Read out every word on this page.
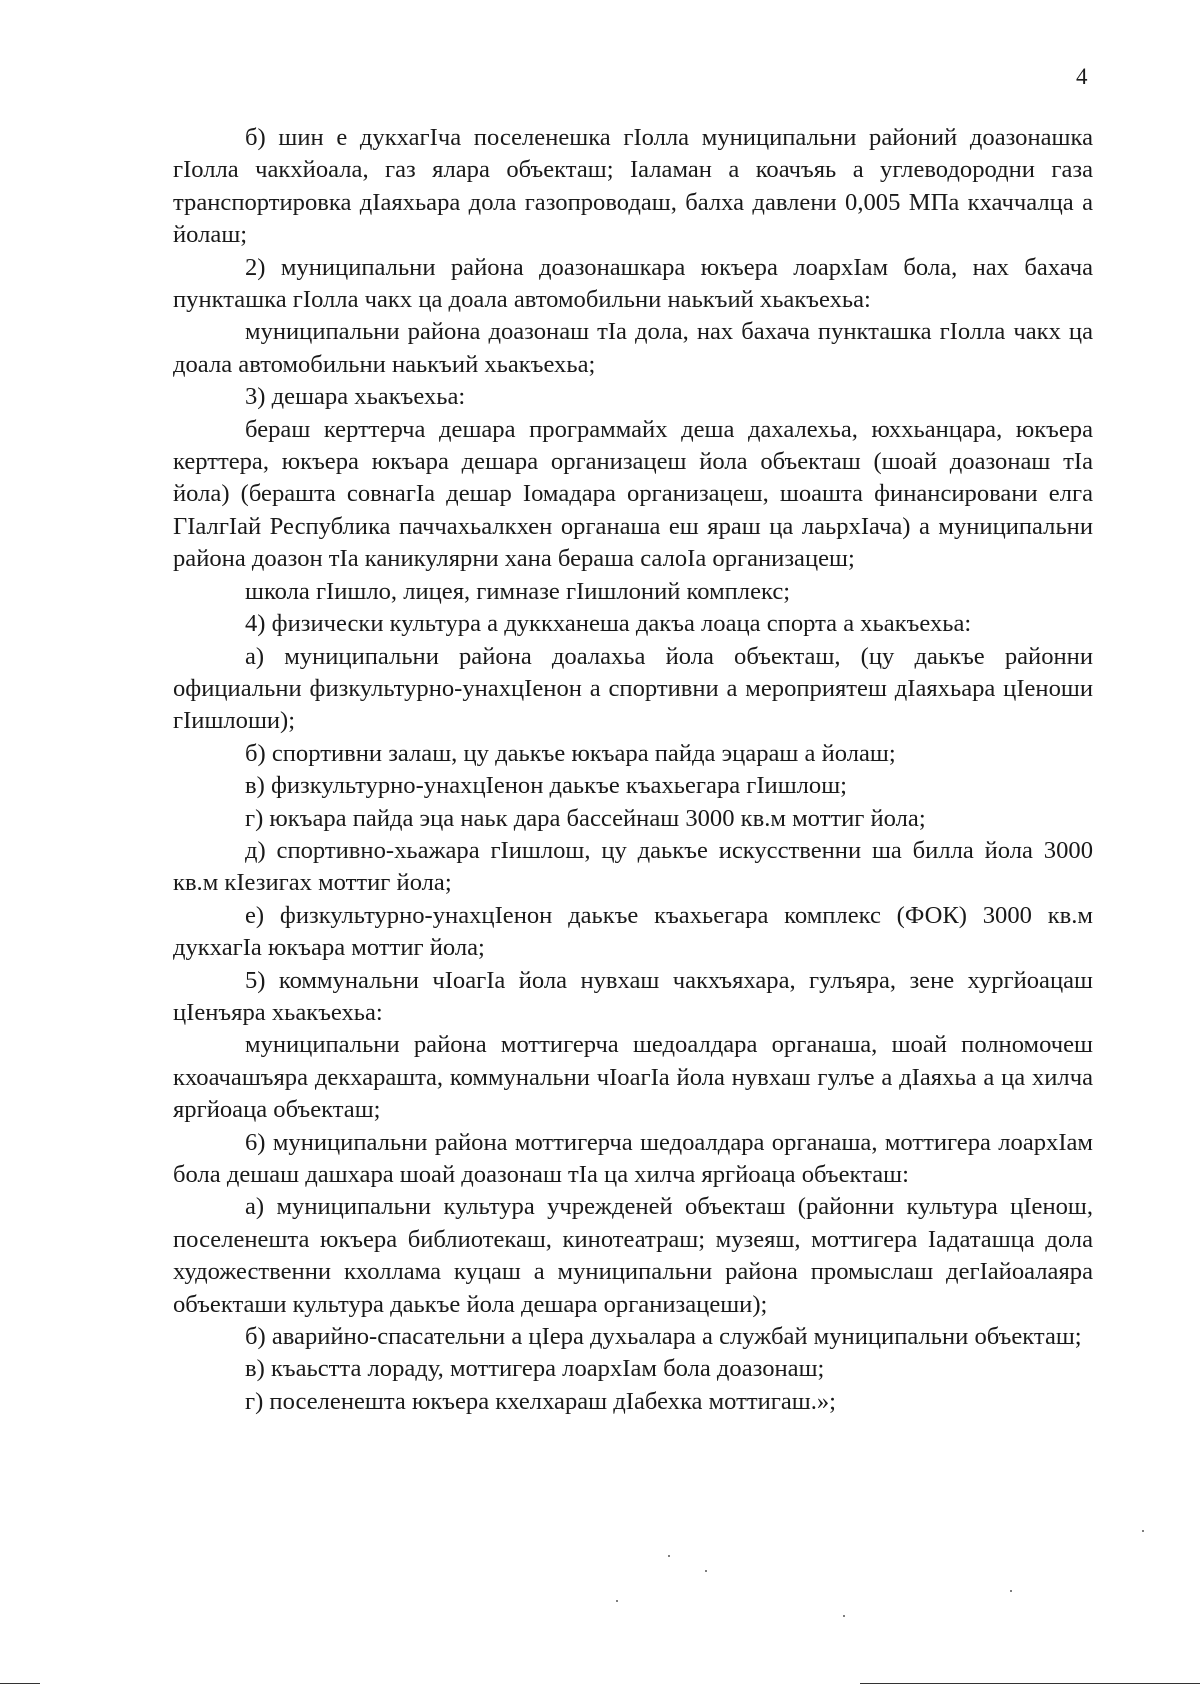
4

б) шин е дукхагIча поселенешка гIолла муниципальни районий доазонашка гIолла чакхйоала, газ ялара объекташ; Iаламан а коачъяь а углеводородни газа транспортировка дIаяхьара дола газопроводаш, балха давлени 0,005 МПа кхаччалца а йолаш;

2) муниципальни района доазонашкара юкъера лоархIам бола, нах бахача пункташка гIолла чакх ца доала автомобильни наькъий хьакъехьа:

муниципальни района доазонаш тIа дола, нах бахача пункташка гIолла чакх ца доала автомобильни наькъий хьакъехьа;

3) дешара хьакъехьа:

бераш керттерча дешара программайх деша дахалехьа, юххьанцара, юкъера керттера, юкъера юкъара дешара организацеш йола объекташ (шоай доазонаш тIа йола) (бераштa совнагIа дешар Iомадара организацеш, шоашта финансировани елга ГIалгIай Республика паччахьалкхен органаша еш яраш ца лаьрхIача) а муниципальни района доазон тIа каникулярни хана бераша салоIа организацеш;

школа гIишло, лицея, гимназе гIишлоний комплекс;

4) физически культура а дуккханеша дакъа лоаца спорта а хьакъехьа:

а) муниципальни района доалахьа йола объекташ, (цу даькъе районни официальни физкультурно-унахцIенон а спортивни а мероприятеш дIаяхьара цIеноши гIишлоши);

б) спортивни залаш, цу даькъе юкъара пайда эцараш а йолаш;

в) физкультурно-унахцIенон даькъе къахьегара гIишлош;

г) юкъара пайда эца наьк дара бассейнаш 3000 кв.м моттиг йола;

д) спортивно-хьажара гIишлош, цу даькъе искусственни ша билла йола 3000 кв.м кIезигах моттиг йола;

е) физкультурно-унахцIенон даькъе къахьегара комплекс (ФОК) 3000 кв.м дукхагIа юкъара моттиг йола;

5) коммунальни чIоагIа йола нувхаш чакхъяхара, гулъяра, зене хургйоацаш цIенъяра хьакъехьа:

муниципальни района моттигерча шедоалдара органаша, шоай полномочеш кхоачашъяра декхараштa, коммунальни чIоагIа йола нувхаш гулъе а дIаяхьа а ца хилча яргйоаца объекташ;

6) муниципальни района моттигерча шедоалдара органаша, моттигера лоархIам бола дешаш дашхара шоай доазонаш тIа ца хилча яргйоаца объекташ:

а) муниципальни культура учрежденей объекташ (районни культура цIенош, поселенешта юкъера библиотекаш, кинотеатраш; музеяш, моттигера Iадаташца дола художественни кхоллама куцаш а муниципальни района промыслаш дегIайоалаяра объекташи культура даькъе йола дешара организацеши);

б) аварийно-спасательни а цIера духьалара а службай муниципальни объекташ;

в) къаьстта лораду, моттигера лоархIам бола доазонаш;

г) поселенешта юкъера кхелхараш дIабехка моттигаш.»;
